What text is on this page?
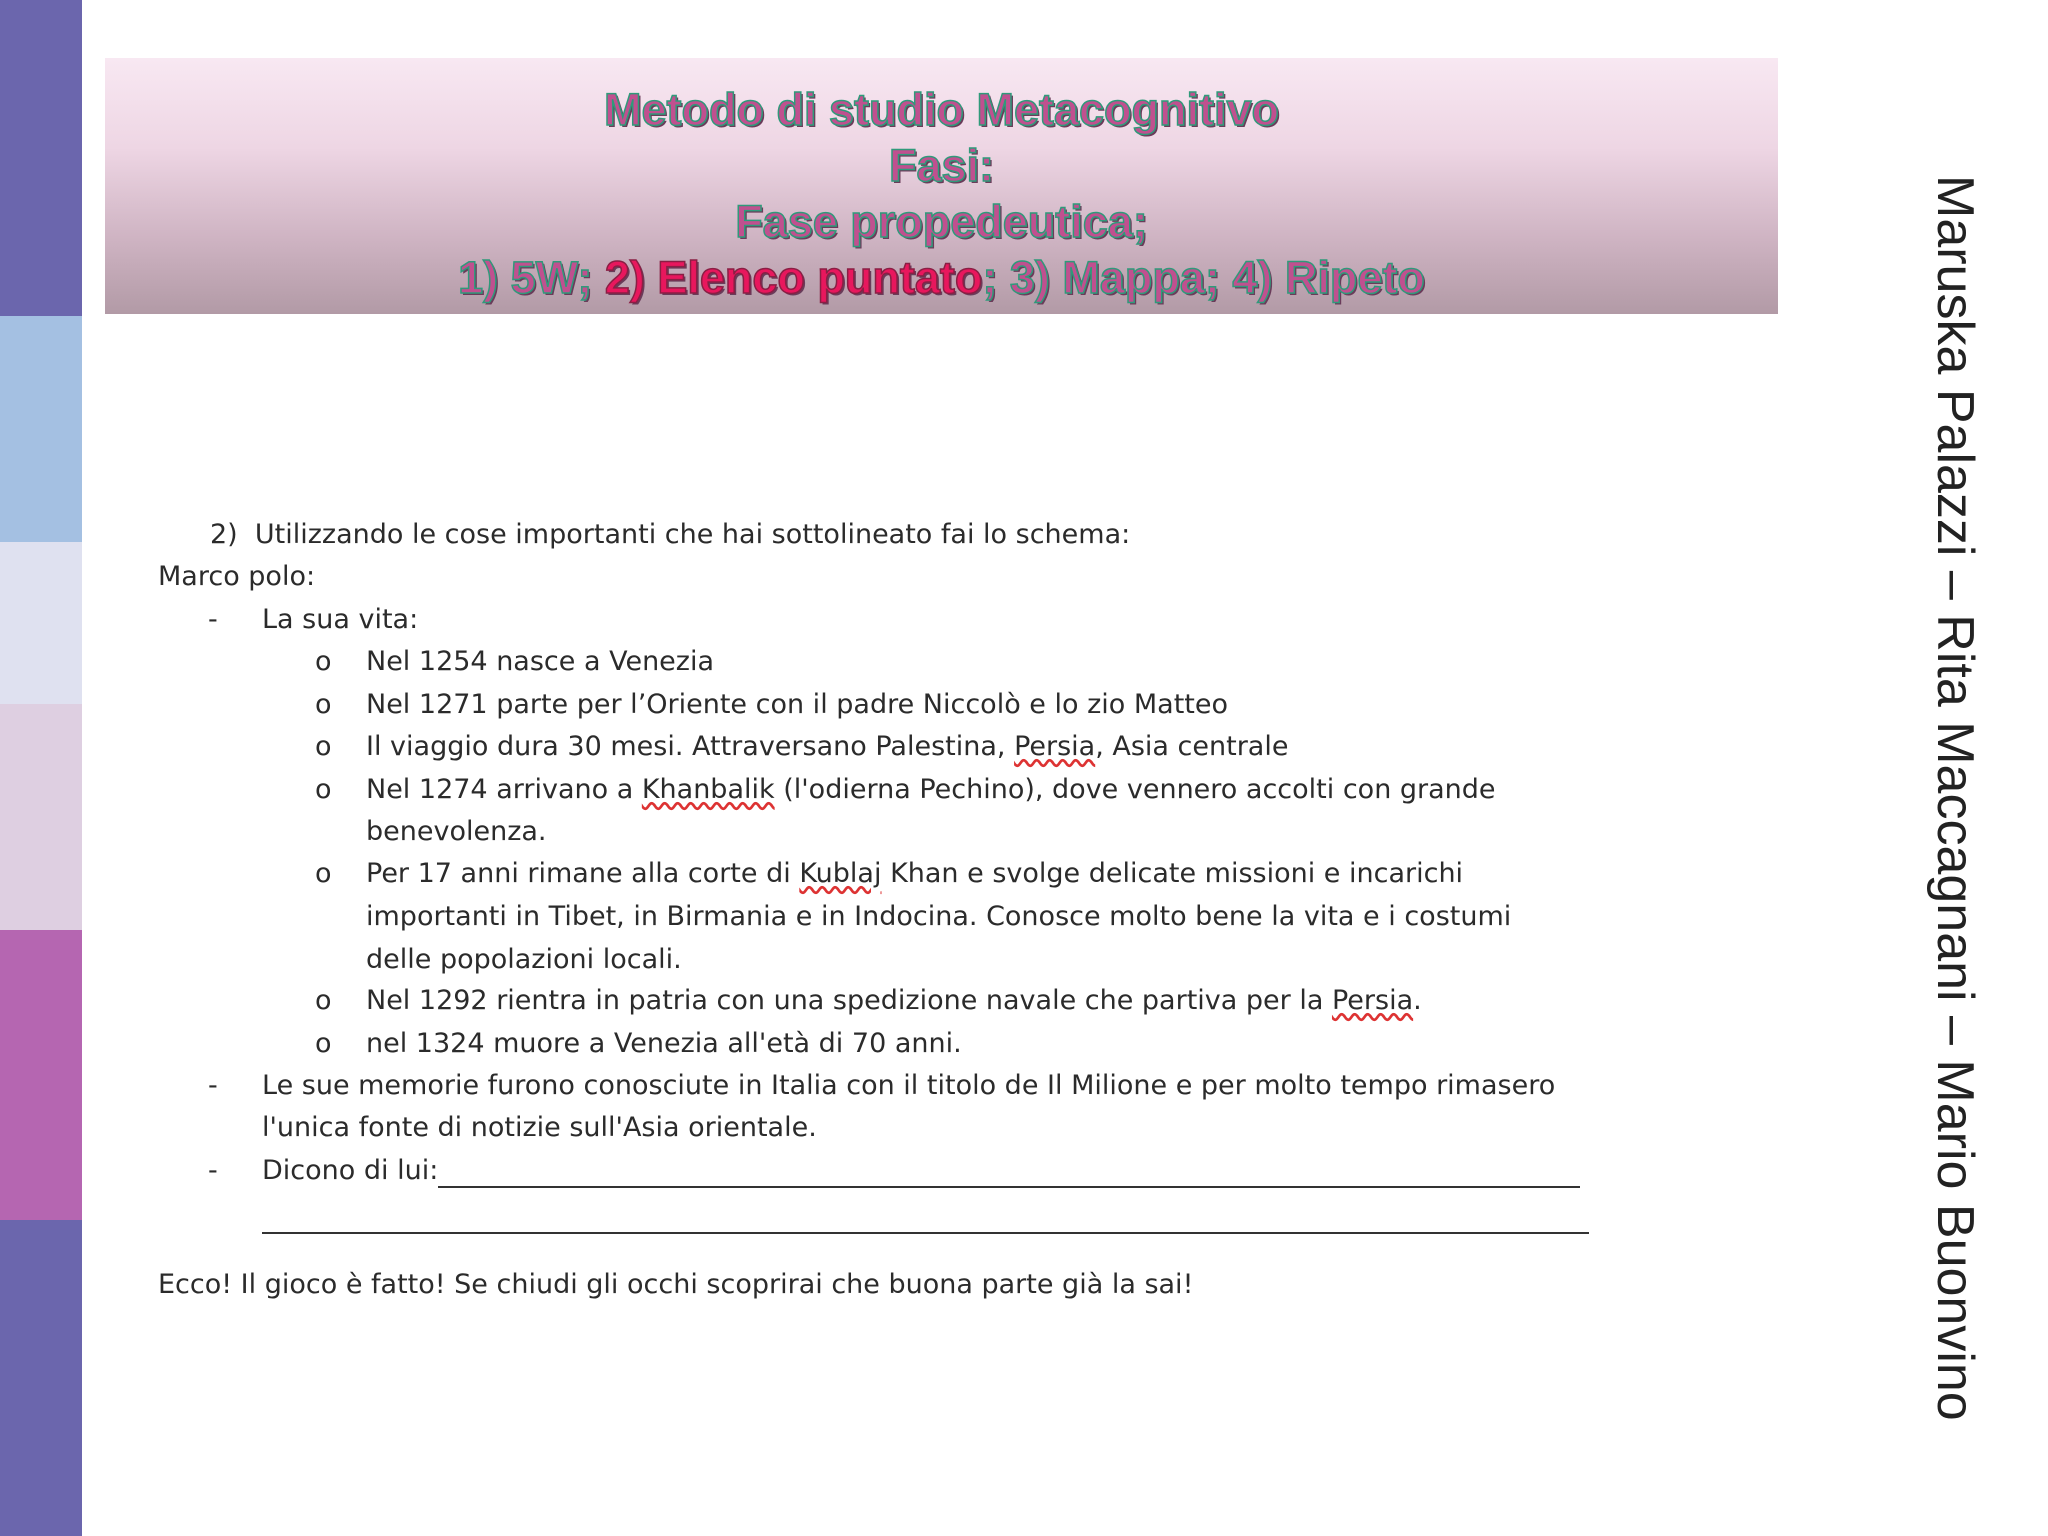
Metodo di studio Metacognitivo
Fasi:
Fase propedeutica;
1) 5W; 2) Elenco puntato; 3) Mappa; 4) Ripeto	Maruska Palazzi – Rita Maccagnani – Mario Buonvino
2) Utilizzando le cose importanti che hai sottolineato fai lo schema:
Marco polo:
- La sua vita:
o Nel 1254 nasce a Venezia
o Nel 1271 parte per l’Oriente con il padre Niccolò e lo zio Matteo
o Il viaggio dura 30 mesi. Attraversano Palestina, Persia, Asia centrale
o Nel 1274 arrivano a Khanbalik (l'odierna Pechino), dove vennero accolti con grande
benevolenza.
o Per 17 anni rimane alla corte di Kublaj Khan e svolge delicate missioni e incarichi
importanti in Tibet, in Birmania e in Indocina. Conosce molto bene la vita e i costumi
delle popolazioni locali.
o Nel 1292 rientra in patria con una spedizione navale che partiva per la Persia.
o nel 1324 muore a Venezia all'età di 70 anni.
- Le sue memorie furono conosciute in Italia con il titolo de Il Milione e per molto tempo rimasero
l'unica fonte di notizie sull'Asia orientale.
- Dicono di lui:
Ecco! Il gioco è fatto! Se chiudi gli occhi scoprirai che buona parte già la sai!
